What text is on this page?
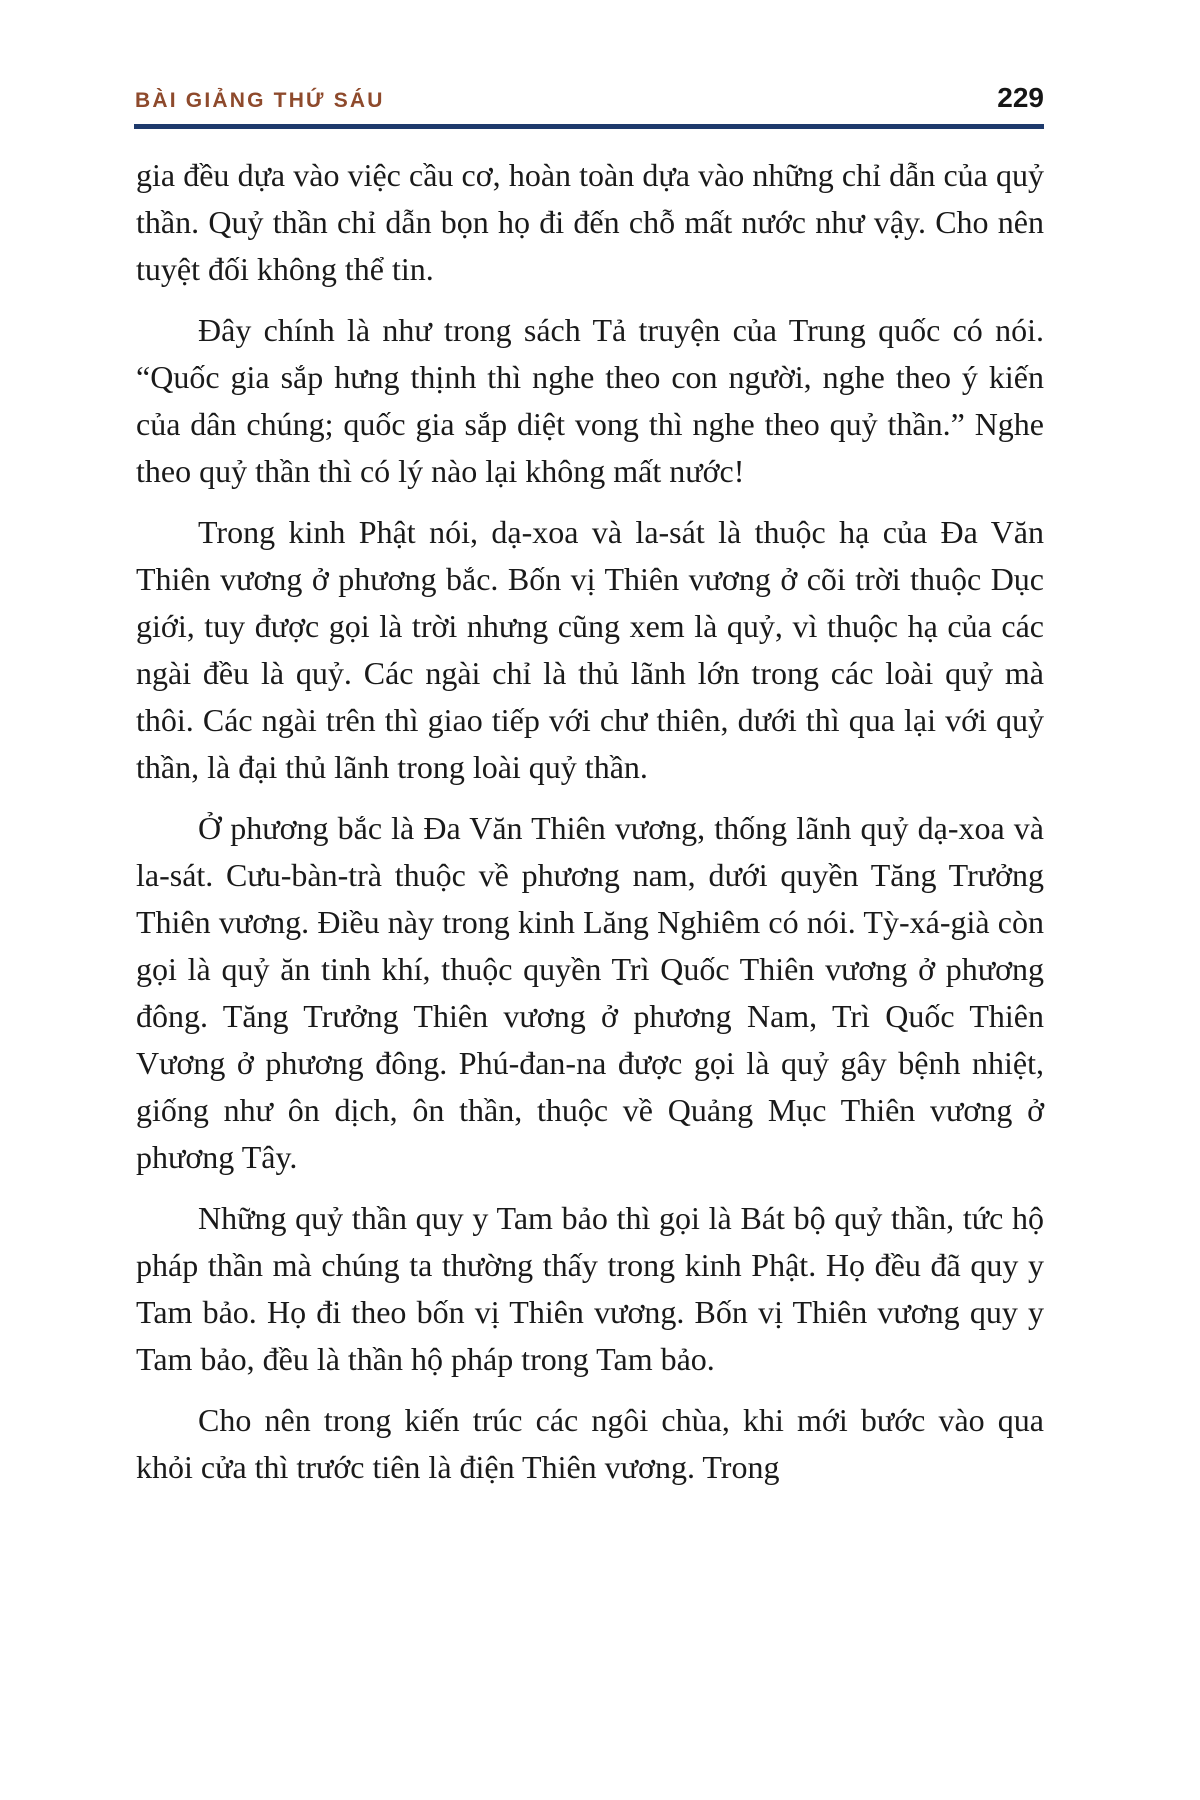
BÀI GIẢNG THỨ SÁU	229

gia đều dựa vào việc cầu cơ, hoàn toàn dựa vào những chỉ dẫn của quỷ thần. Quỷ thần chỉ dẫn bọn họ đi đến chỗ mất nước như vậy. Cho nên tuyệt đối không thể tin.

Đây chính là như trong sách Tả truyện của Trung quốc có nói. “Quốc gia sắp hưng thịnh thì nghe theo con người, nghe theo ý kiến của dân chúng; quốc gia sắp diệt vong thì nghe theo quỷ thần.” Nghe theo quỷ thần thì có lý nào lại không mất nước!

Trong kinh Phật nói, dạ-xoa và la-sát là thuộc hạ của Đa Văn Thiên vương ở phương bắc. Bốn vị Thiên vương ở cõi trời thuộc Dục giới, tuy được gọi là trời nhưng cũng xem là quỷ, vì thuộc hạ của các ngài đều là quỷ. Các ngài chỉ là thủ lãnh lớn trong các loài quỷ mà thôi. Các ngài trên thì giao tiếp với chư thiên, dưới thì qua lại với quỷ thần, là đại thủ lãnh trong loài quỷ thần.

Ở phương bắc là Đa Văn Thiên vương, thống lãnh quỷ dạ-xoa và la-sát. Cưu-bàn-trà thuộc về phương nam, dưới quyền Tăng Trưởng Thiên vương. Điều này trong kinh Lăng Nghiêm có nói. Tỳ-xá-già còn gọi là quỷ ăn tinh khí, thuộc quyền Trì Quốc Thiên vương ở phương đông. Tăng Trưởng Thiên vương ở phương Nam, Trì Quốc Thiên Vương ở phương đông. Phú-đan-na được gọi là quỷ gây bệnh nhiệt, giống như ôn dịch, ôn thần, thuộc về Quảng Mục Thiên vương ở phương Tây.

Những quỷ thần quy y Tam bảo thì gọi là Bát bộ quỷ thần, tức hộ pháp thần mà chúng ta thường thấy trong kinh Phật. Họ đều đã quy y Tam bảo. Họ đi theo bốn vị Thiên vương. Bốn vị Thiên vương quy y Tam bảo, đều là thần hộ pháp trong Tam bảo.

Cho nên trong kiến trúc các ngôi chùa, khi mới bước vào qua khỏi cửa thì trước tiên là điện Thiên vương. Trong
